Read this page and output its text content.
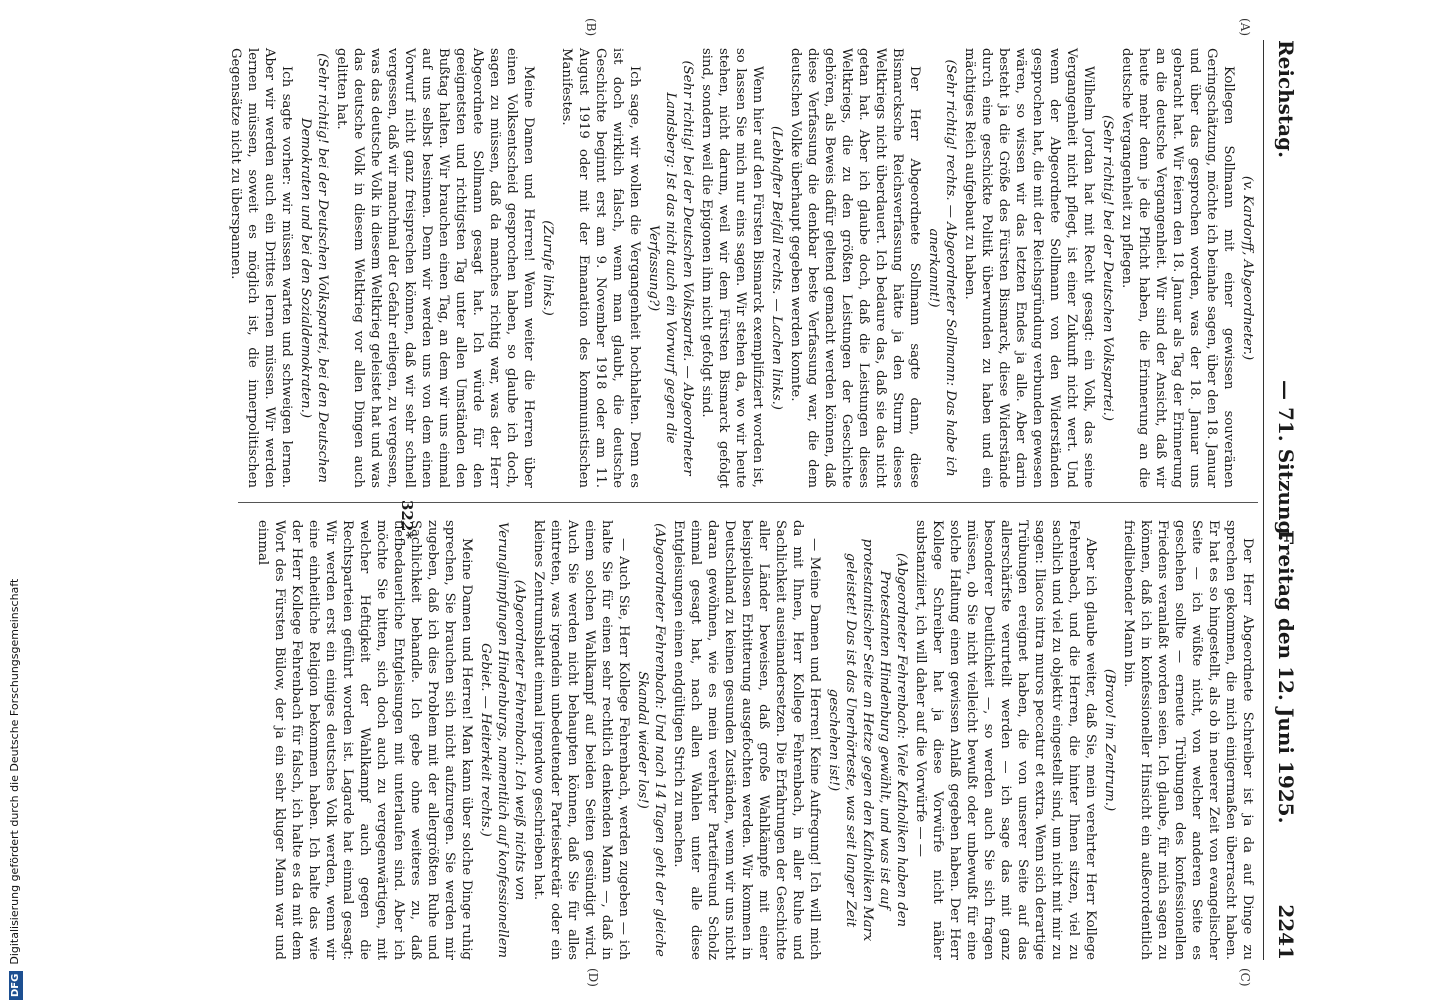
Reichstag.
— 71. Sitzung.
Freitag den 12. Juni 1925.
2241
(A)
(B)
(C)
(D)

(v. Kardorff, Abgeordneter.)

Kollegen Sollmann mit einer gewissen souveränen Geringschätzung, möchte ich beinahe sagen, über den 18. Januar und über das gesprochen worden, was der 18. Januar uns gebracht hat. Wir feiern den 18. Januar als Tag der Erinnerung an die deutsche Vergangenheit. Wir sind der Ansicht, daß wir heute mehr denn je die Pflicht haben, die Erinnerung an die deutsche Vergangenheit zu pflegen.

(Sehr richtig! bei der Deutschen Volkspartei.)

Wilhelm Jordan hat mit Recht gesagt: ein Volk, das seine Vergangenheit nicht pflegt, ist einer Zukunft nicht wert. Und wenn der Abgeordnete Sollmann von den Widerständen gesprochen hat, die mit der Reichsgründung verbunden gewesen wären, so wissen wir das letzten Endes ja alle. Aber darin besteht ja die Größe des Fürsten Bismarck, diese Widerstände durch eine geschickte Politik überwunden zu haben und ein mächtiges Reich aufgebaut zu haben.

(Sehr richtig! rechts. — Abgeordneter Sollmann: Das habe ich anerkannt!)

Der Herr Abgeordnete Sollmann sagte dann, diese Bismarcksche Reichsverfassung hätte ja den Sturm dieses Weltkriegs nicht überdauert. Ich bedaure das, daß sie das nicht getan hat. Aber ich glaube doch, daß die Leistungen dieses Weltkriegs, die zu den größten Leistungen der Geschichte gehören, als Beweis dafür geltend gemacht werden können, daß diese Verfassung die denkbar beste Verfassung war, die dem deutschen Volke überhaupt gegeben werden konnte.

(Lebhafter Beifall rechts. — Lachen links.)

Wenn hier auf den Fürsten Bismarck exemplifiziert worden ist, so lassen Sie mich nur eins sagen. Wir stehen da, wo wir heute stehen, nicht darum, weil wir dem Fürsten Bismarck gefolgt sind, sondern weil die Epigonen ihm nicht gefolgt sind.

(Sehr richtig! bei der Deutschen Volkspartei. — Abgeordneter Landsberg: Ist das nicht auch ein Vorwurf gegen die Verfassung?)

Ich sage, wir wollen die Vergangenheit hochhalten. Denn es ist doch wirklich falsch, wenn man glaubt, die deutsche Geschichte beginnt erst am 9. November 1918 oder am 11. August 1919 oder mit der Emanation des kommunistischen Manifestes.

(Zurufe links.)

Meine Damen und Herren! Wenn weiter die Herren über einen Volksentscheid gesprochen haben, so glaube ich doch, sagen zu müssen, daß da manches richtig war, was der Herr Abgeordnete Sollmann gesagt hat. Ich würde für den geeignetsten und richtigsten Tag unter allen Umständen den Bußtag halten. Wir brauchen einen Tag, an dem wir uns einmal auf uns selbst besinnen. Denn wir werden uns von dem einen Vorwurf nicht ganz freisprechen können, daß wir sehr schnell vergessen, daß wir manchmal der Gefahr erliegen, zu vergessen, was das deutsche Volk in diesem Weltkrieg geleistet hat und was das deutsche Volk in diesem Weltkrieg vor allen Dingen auch gelitten hat.

(Sehr richtig! bei der Deutschen Volkspartei, bei den Deutschen Demokraten und bei den Sozialdemokraten.)

Ich sagte vorher: wir müssen warten und schweigen lernen. Aber wir werden auch ein Drittes lernen müssen. Wir werden lernen müssen, soweit es möglich ist, die innerpolitischen Gegensätze nicht zu überspannen.

Der Herr Abgeordnete Schreiber ist ja da auf Dinge zu sprechen gekommen, die mich einigermaßen überrascht haben. Er hat es so hingestellt, als ob in neuerer Zeit von evangelischer Seite — ich wüßte nicht, von welcher anderen Seite es geschehen sollte — erneute Trübungen des konfessionellen Friedens veranlaßt worden seien. Ich glaube, für mich sagen zu können, daß ich in konfessioneller Hinsicht ein außerordentlich friedliebender Mann bin.

(Bravo! im Zentrum.)

Aber ich glaube weiter, daß Sie, mein verehrter Herr Kollege Fehrenbach, und die Herren, die hinter Ihnen sitzen, viel zu sachlich und viel zu objektiv eingestellt sind, um nicht mit mir zu sagen: Iliacos intra muros peccatur et extra. Wenn sich derartige Trübungen ereignet haben, die von unserer Seite auf das allerschärfste verurteilt werden — ich sage das mit ganz besonderer Deutlichkeit —, so werden auch Sie sich fragen müssen, ob Sie nicht vielleicht bewußt oder unbewußt für eine solche Haltung einen gewissen Anlaß gegeben haben. Der Herr Kollege Schreiber hat ja diese Vorwürfe nicht näher substanziiert, ich will daher auf die Vorwürfe — —

(Abgeordneter Fehrenbach: Viele Katholiken haben den Protestanten Hindenburg gewählt, und was ist auf protestantischer Seite an Hetze gegen den Katholiken Marx geleistet! Das ist das Unerhörteste, was seit langer Zeit geschehen ist!)

— Meine Damen und Herren! Keine Aufregung! Ich will mich da mit Ihnen, Herr Kollege Fehrenbach, in aller Ruhe und Sachlichkeit auseinandersetzen. Die Erfahrungen der Geschichte aller Länder beweisen, daß große Wahlkämpfe mit einer beispiellosen Erbitterung ausgefochten werden. Wir kommen in Deutschland zu keinen gesunden Zuständen, wenn wir uns nicht daran gewöhnen, wie es mein verehrter Parteifreund Scholz einmal gesagt hat, nach allen Wahlen unter alle diese Entgleisungen einen endgültigen Strich zu machen.

(Abgeordneter Fehrenbach: Und nach 14 Tagen geht der gleiche Skandal wieder los!)

— Auch Sie, Herr Kollege Fehrenbach, werden zugeben — ich halte Sie für einen sehr rechtlich denkenden Mann —, daß in einem solchen Wahlkampf auf beiden Seiten gesündigt wird. Auch Sie werden nicht behaupten können, daß Sie für alles eintreten, was irgendein unbedeutender Parteisekretär oder ein kleines Zentrumsblatt einmal irgendwo geschrieben hat.

(Abgeordneter Fehrenbach: Ich weiß nichts von Verunglimpfungen Hindenburgs, namentlich auf konfessionellem Gebiet. — Heiterkeit rechts.)

Meine Damen und Herren! Man kann über solche Dinge ruhig sprechen, Sie brauchen sich nicht aufzuregen. Sie werden mir zugeben, daß ich dies Problem mit der allergrößten Ruhe und Sachlichkeit behandle. Ich gebe ohne weiteres zu, daß tiefbedauerliche Entgleisungen mit unterlaufen sind. Aber ich möchte Sie bitten, sich doch auch zu vergegenwärtigen, mit welcher Heftigkeit der Wahlkampf auch gegen die Rechtsparteien geführt worden ist. Lagarde hat einmal gesagt: Wir werden erst ein einiges deutsches Volk werden, wenn wir eine einheitliche Religion bekommen haben. Ich halte das wie der Herr Kollege Fehrenbach für falsch, ich halte es da mit dem Wort des Fürsten Bülow, der ja ein sehr kluger Mann war und einmal

322*
DFGDigitalisierung gefördert durch die Deutsche Forschungsgemeinschaft
